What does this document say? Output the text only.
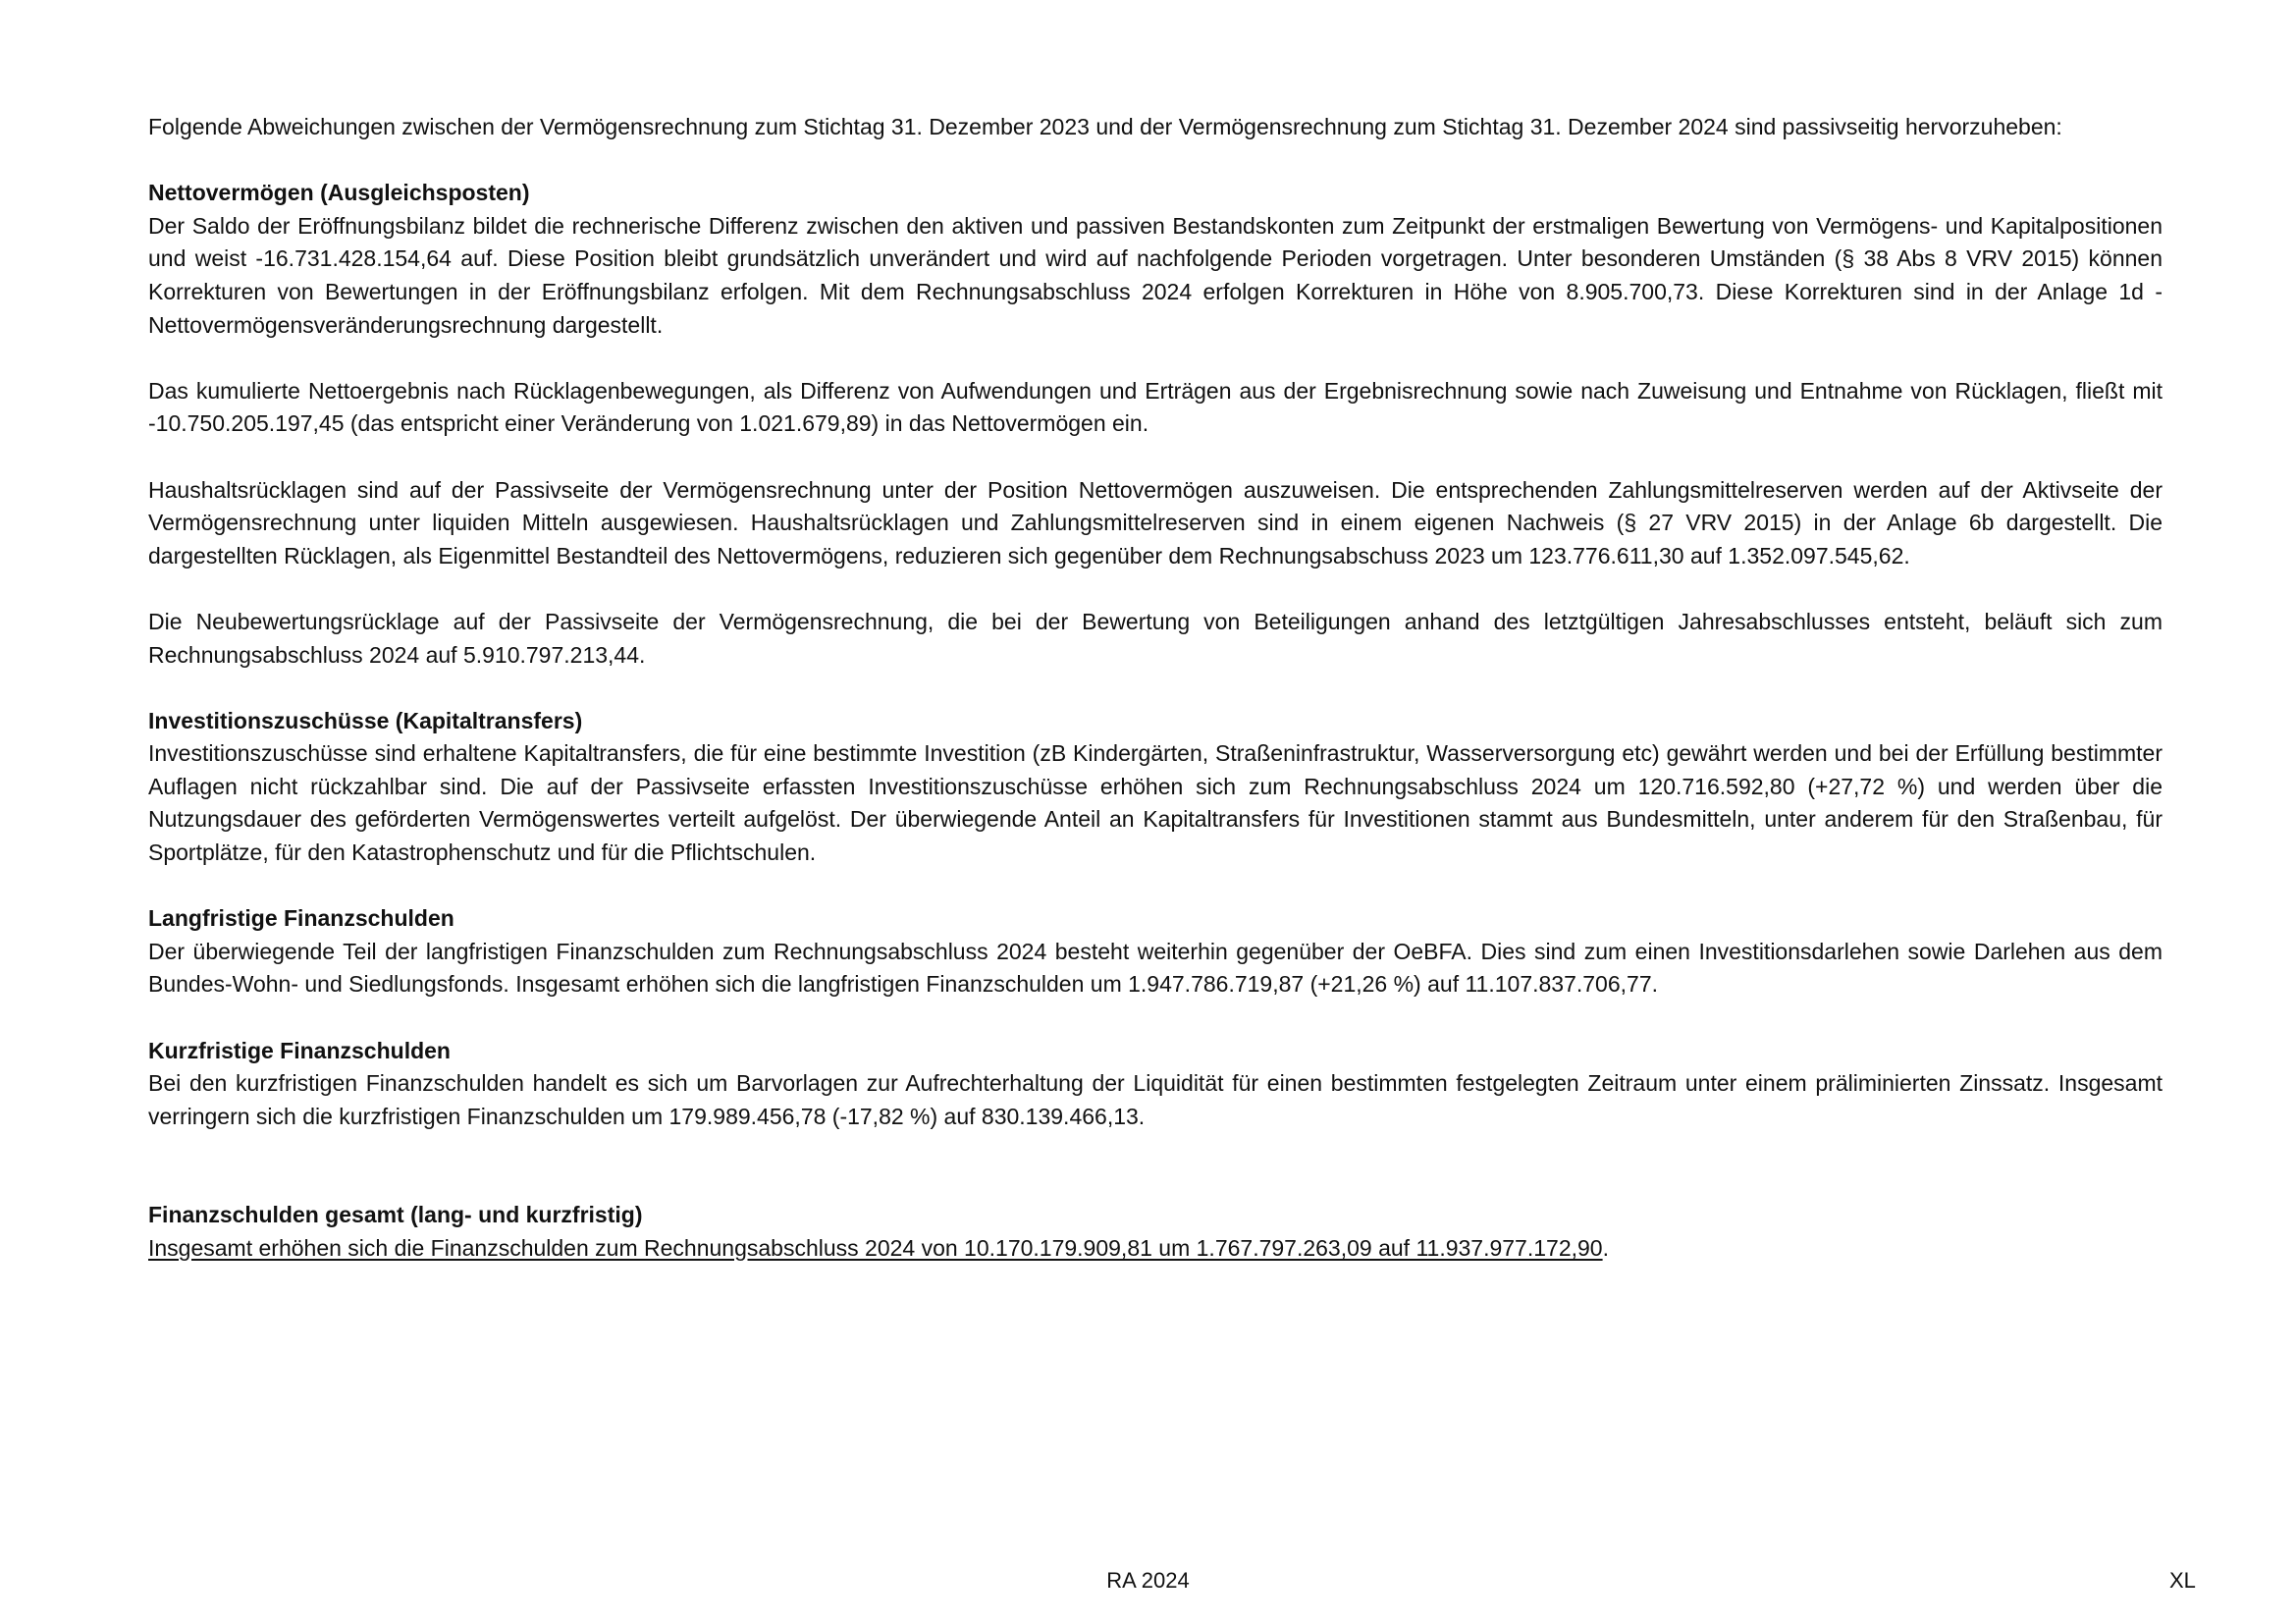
Folgende Abweichungen zwischen der Vermögensrechnung zum Stichtag 31. Dezember 2023 und der Vermögensrechnung zum Stichtag 31. Dezember 2024 sind passivseitig hervorzuheben:

Nettovermögen (Ausgleichsposten)

Der Saldo der Eröffnungsbilanz bildet die rechnerische Differenz zwischen den aktiven und passiven Bestandskonten zum Zeitpunkt der erstmaligen Bewertung von Vermögens- und Kapitalpositionen und weist -16.731.428.154,64 auf. Diese Position bleibt grundsätzlich unverändert und wird auf nachfolgende Perioden vorgetragen. Unter besonderen Umständen (§ 38 Abs 8 VRV 2015) können Korrekturen von Bewertungen in der Eröffnungsbilanz erfolgen. Mit dem Rechnungsabschluss 2024 erfolgen Korrekturen in Höhe von 8.905.700,73. Diese Korrekturen sind in der Anlage 1d - Nettovermögensveränderungsrechnung dargestellt.

Das kumulierte Nettoergebnis nach Rücklagenbewegungen, als Differenz von Aufwendungen und Erträgen aus der Ergebnisrechnung sowie nach Zuweisung und Entnahme von Rücklagen, fließt mit -10.750.205.197,45 (das entspricht einer Veränderung von 1.021.679,89) in das Nettovermögen ein.

Haushaltsrücklagen sind auf der Passivseite der Vermögensrechnung unter der Position Nettovermögen auszuweisen. Die entsprechenden Zahlungsmittelreserven werden auf der Aktivseite der Vermögensrechnung unter liquiden Mitteln ausgewiesen. Haushaltsrücklagen und Zahlungsmittelreserven sind in einem eigenen Nachweis (§ 27 VRV 2015) in der Anlage 6b dargestellt. Die dargestellten Rücklagen, als Eigenmittel Bestandteil des Nettovermögens, reduzieren sich gegenüber dem Rechnungsabschuss 2023 um 123.776.611,30 auf 1.352.097.545,62.

Die Neubewertungsrücklage auf der Passivseite der Vermögensrechnung, die bei der Bewertung von Beteiligungen anhand des letztgültigen Jahresabschlusses entsteht, beläuft sich zum Rechnungsabschluss 2024 auf 5.910.797.213,44.

Investitionszuschüsse (Kapitaltransfers)

Investitionszuschüsse sind erhaltene Kapitaltransfers, die für eine bestimmte Investition (zB Kindergärten, Straßeninfrastruktur, Wasserversorgung etc) gewährt werden und bei der Erfüllung bestimmter Auflagen nicht rückzahlbar sind. Die auf der Passivseite erfassten Investitionszuschüsse erhöhen sich zum Rechnungsabschluss 2024 um 120.716.592,80 (+27,72 %) und werden über die Nutzungsdauer des geförderten Vermögenswertes verteilt aufgelöst. Der überwiegende Anteil an Kapitaltransfers für Investitionen stammt aus Bundesmitteln, unter anderem für den Straßenbau, für Sportplätze, für den Katastrophenschutz und für die Pflichtschulen.

Langfristige Finanzschulden

Der überwiegende Teil der langfristigen Finanzschulden zum Rechnungsabschluss 2024 besteht weiterhin gegenüber der OeBFA. Dies sind zum einen Investitionsdarlehen sowie Darlehen aus dem Bundes-Wohn- und Siedlungsfonds. Insgesamt erhöhen sich die langfristigen Finanzschulden um 1.947.786.719,87 (+21,26 %) auf 11.107.837.706,77.

Kurzfristige Finanzschulden

Bei den kurzfristigen Finanzschulden handelt es sich um Barvorlagen zur Aufrechterhaltung der Liquidität für einen bestimmten festgelegten Zeitraum unter einem präliminierten Zinssatz. Insgesamt verringern sich die kurzfristigen Finanzschulden um 179.989.456,78 (-17,82 %) auf 830.139.466,13.

Finanzschulden gesamt (lang- und kurzfristig)

Insgesamt erhöhen sich die Finanzschulden zum Rechnungsabschluss 2024 von 10.170.179.909,81 um 1.767.797.263,09 auf 11.937.977.172,90.

RA 2024	XL
